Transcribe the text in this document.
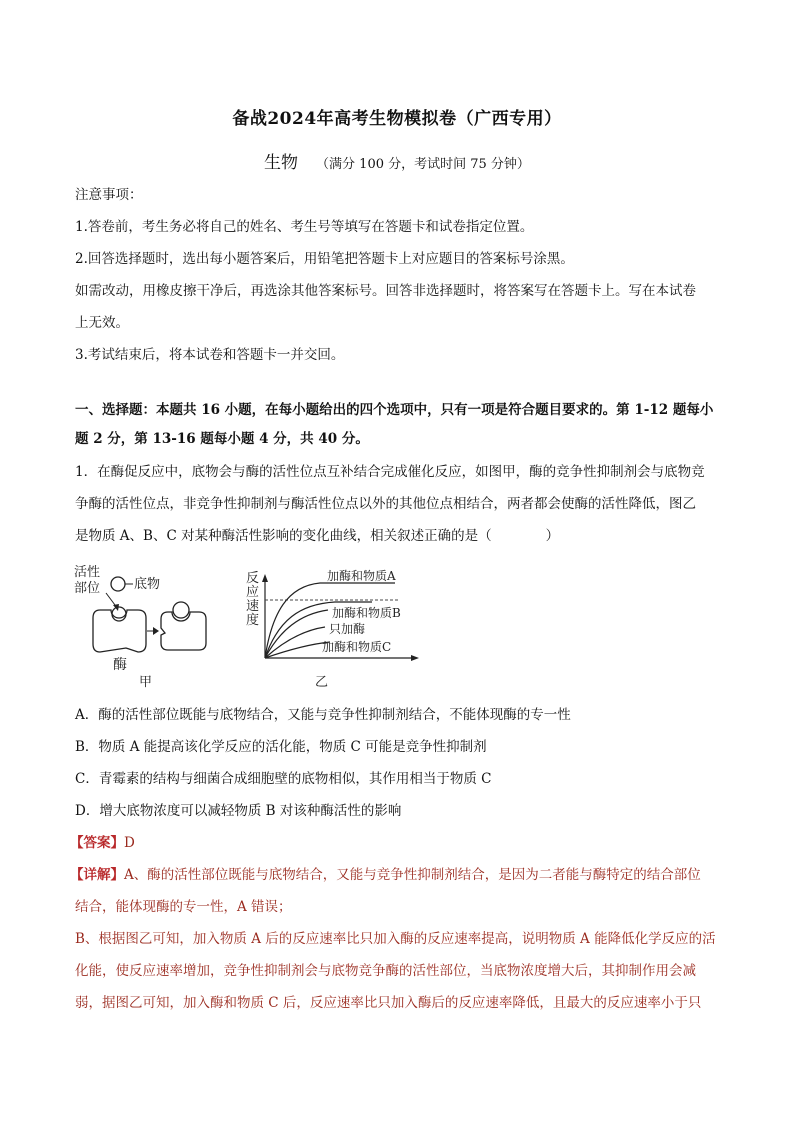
备战2024年高考生物模拟卷（广西专用）
生物 （满分 100 分，考试时间 75 分钟）
注意事项：
1.答卷前，考生务必将自己的姓名、考生号等填写在答题卡和试卷指定位置。
2.回答选择题时，选出每小题答案后，用铅笔把答题卡上对应题目的答案标号涂黑。
如需改动，用橡皮擦干净后，再选涂其他答案标号。回答非选择题时，将答案写在答题卡上。写在本试卷
上无效。
3.考试结束后，将本试卷和答题卡一并交回。
一、选择题：本题共 16 小题，在每小题给出的四个选项中，只有一项是符合题目要求的。第 1-12 题每小
题 2 分，第 13-16 题每小题 4 分，共 40 分。
1．在酶促反应中，底物会与酶的活性位点互补结合完成催化反应，如图甲，酶的竞争性抑制剂会与底物竞
争酶的活性位点，非竞争性抑制剂与酶活性位点以外的其他位点相结合，两者都会使酶的活性降低，图乙
是物质 A、B、C 对某种酶活性影响的变化曲线，相关叙述正确的是（　　　　）
活性
部位	底物
酶
甲
反
应
速
度
加酶和物质A
加酶和物质B
只加酶
加酶和物质C
乙
A．酶的活性部位既能与底物结合，又能与竞争性抑制剂结合，不能体现酶的专一性
B．物质 A 能提高该化学反应的活化能，物质 C 可能是竞争性抑制剂
C．青霉素的结构与细菌合成细胞壁的底物相似，其作用相当于物质 C
D．增大底物浓度可以减轻物质 B 对该种酶活性的影响
【答案】D
【详解】A、酶的活性部位既能与底物结合，又能与竞争性抑制剂结合，是因为二者能与酶特定的结合部位
结合，能体现酶的专一性，A 错误；
B、根据图乙可知，加入物质 A 后的反应速率比只加入酶的反应速率提高，说明物质 A 能降低化学反应的活
化能，使反应速率增加，竞争性抑制剂会与底物竞争酶的活性部位，当底物浓度增大后，其抑制作用会减
弱，据图乙可知，加入酶和物质 C 后，反应速率比只加入酶后的反应速率降低，且最大的反应速率小于只
